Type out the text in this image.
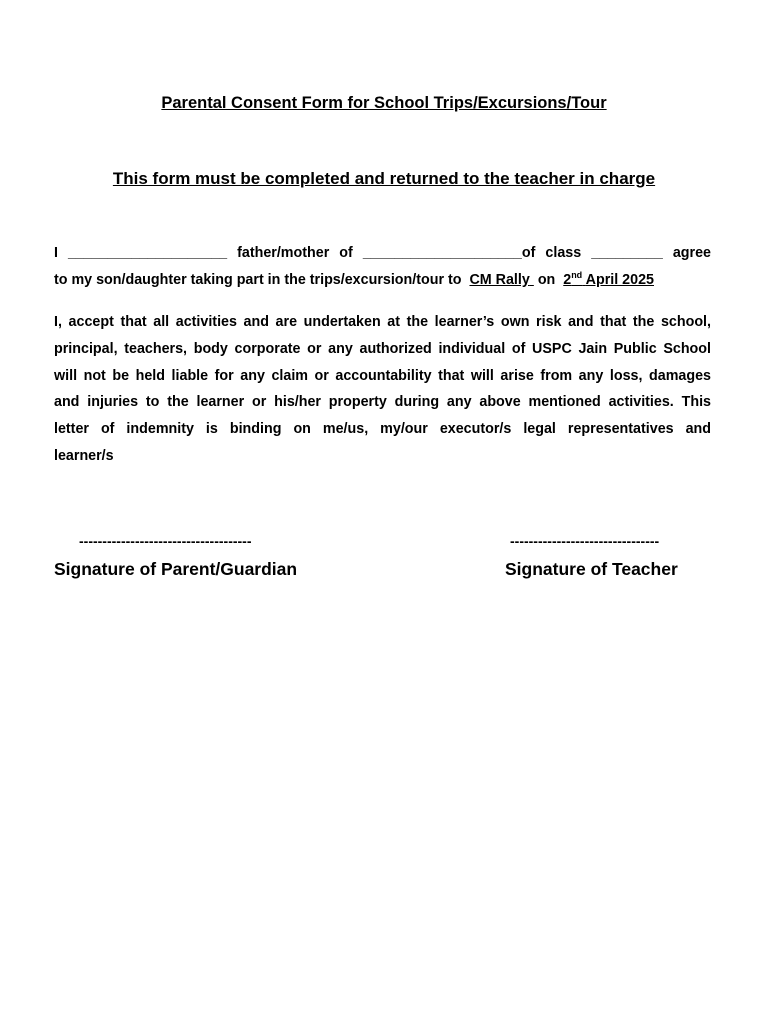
Parental Consent Form for School Trips/Excursions/Tour
This form must be completed and returned to the teacher in charge
I ____________________ father/mother of ____________________of class _________ agree
to my son/daughter taking part in the trips/excursion/tour to CM Rally on 2nd April 2025
I, accept that all activities and are undertaken at the learner’s own risk and that the school,
principal, teachers, body corporate or any authorized individual of USPC Jain Public School
will not be held liable for any claim or accountability that will arise from any loss, damages
and injuries to the learner or his/her property during any above mentioned activities. This
letter of indemnity is binding on me/us, my/our executor/s legal representatives and
learner/s
-------------------------------------
Signature of Parent/Guardian
--------------------------------
Signature of Teacher
